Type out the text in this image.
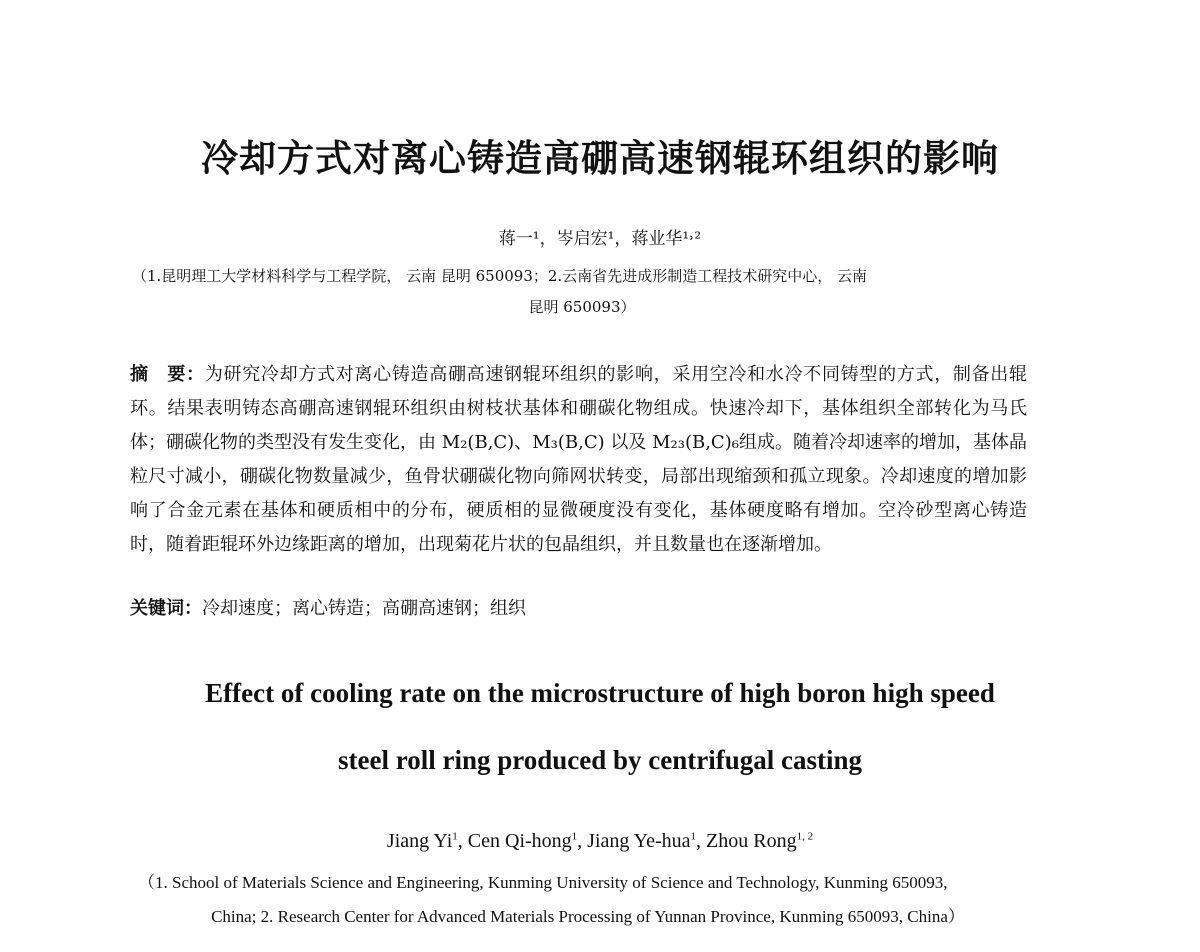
冷却方式对离心铸造高硼高速钢辊环组织的影响
蒋一¹，岑启宏¹，蒋业华¹˒²
（1.昆明理工大学材料科学与工程学院， 云南 昆明 650093；2.云南省先进成形制造工程技术研究中心， 云南
昆明 650093）
摘　要：为研究冷却方式对离心铸造高硼高速钢辊环组织的影响，采用空冷和水冷不同铸型的方式，制备出辊环。结果表明铸态高硼高速钢辊环组织由树枝状基体和硼碳化物组成。快速冷却下，基体组织全部转化为马氏体；硼碳化物的类型没有发生变化，由 M₂(B,C)、M₃(B,C) 以及 M₂₃(B,C)₆组成。随着冷却速率的增加，基体晶粒尺寸减小，硼碳化物数量减少，鱼骨状硼碳化物向筛网状转变，局部出现缩颈和孤立现象。冷却速度的增加影响了合金元素在基体和硬质相中的分布，硬质相的显微硬度没有变化，基体硬度略有增加。空冷砂型离心铸造时，随着距辊环外边缘距离的增加，出现菊花片状的包晶组织，并且数量也在逐渐增加。
关键词：冷却速度；离心铸造；高硼高速钢；组织
Effect of cooling rate on the microstructure of high boron high speed
steel roll ring produced by centrifugal casting
Jiang Yi$^1$, Cen Qi-hong$^1$, Jiang Ye-hua$^1$, Zhou Rong$^{1, 2}$
（1. School of Materials Science and Engineering, Kunming University of Science and Technology, Kunming 650093,
China; 2. Research Center for Advanced Materials Processing of Yunnan Province, Kunming 650093, China）
